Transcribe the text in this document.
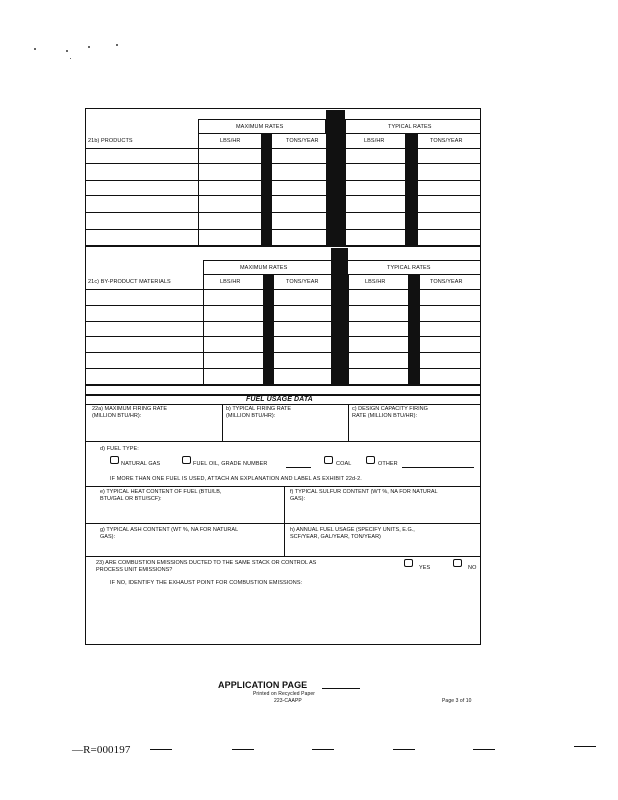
MAXIMUM RATES	TYPICAL RATES
21b) PRODUCTS	LBS/HR	TONS/YEAR	LBS/HR	TONS/YEAR
MAXIMUM RATES	TYPICAL RATES
21c) BY-PRODUCT MATERIALS	LBS/HR	TONS/YEAR	LBS/HR	TONS/YEAR
FUEL USAGE DATA
22a) MAXIMUM FIRING RATE
(MILLION BTU/HR):
b) TYPICAL FIRING RATE
(MILLION BTU/HR):
c) DESIGN CAPACITY FIRING
RATE (MILLION BTU/HR):
d) FUEL TYPE:
NATURAL GAS	FUEL OIL, GRADE NUMBER	COAL	OTHER
IF MORE THAN ONE FUEL IS USED, ATTACH AN EXPLANATION AND LABEL AS EXHIBIT 22d-2.
e) TYPICAL HEAT CONTENT OF FUEL (BTU/LB,
BTU/GAL OR BTU/SCF):
f) TYPICAL SULFUR CONTENT (WT %, NA FOR NATURAL
GAS):
g) TYPICAL ASH CONTENT (WT %, NA FOR NATURAL
GAS):
h) ANNUAL FUEL USAGE (SPECIFY UNITS, E.G.,
SCF/YEAR, GAL/YEAR, TON/YEAR)
23) ARE COMBUSTION EMISSIONS DUCTED TO THE SAME STACK OR CONTROL AS
PROCESS UNIT EMISSIONS?	YES	NO
IF NO, IDENTIFY THE EXHAUST POINT FOR COMBUSTION EMISSIONS:
APPLICATION PAGE
Printed on Recycled Paper
223-CAAPP	Page 3 of 10
—R=000197
